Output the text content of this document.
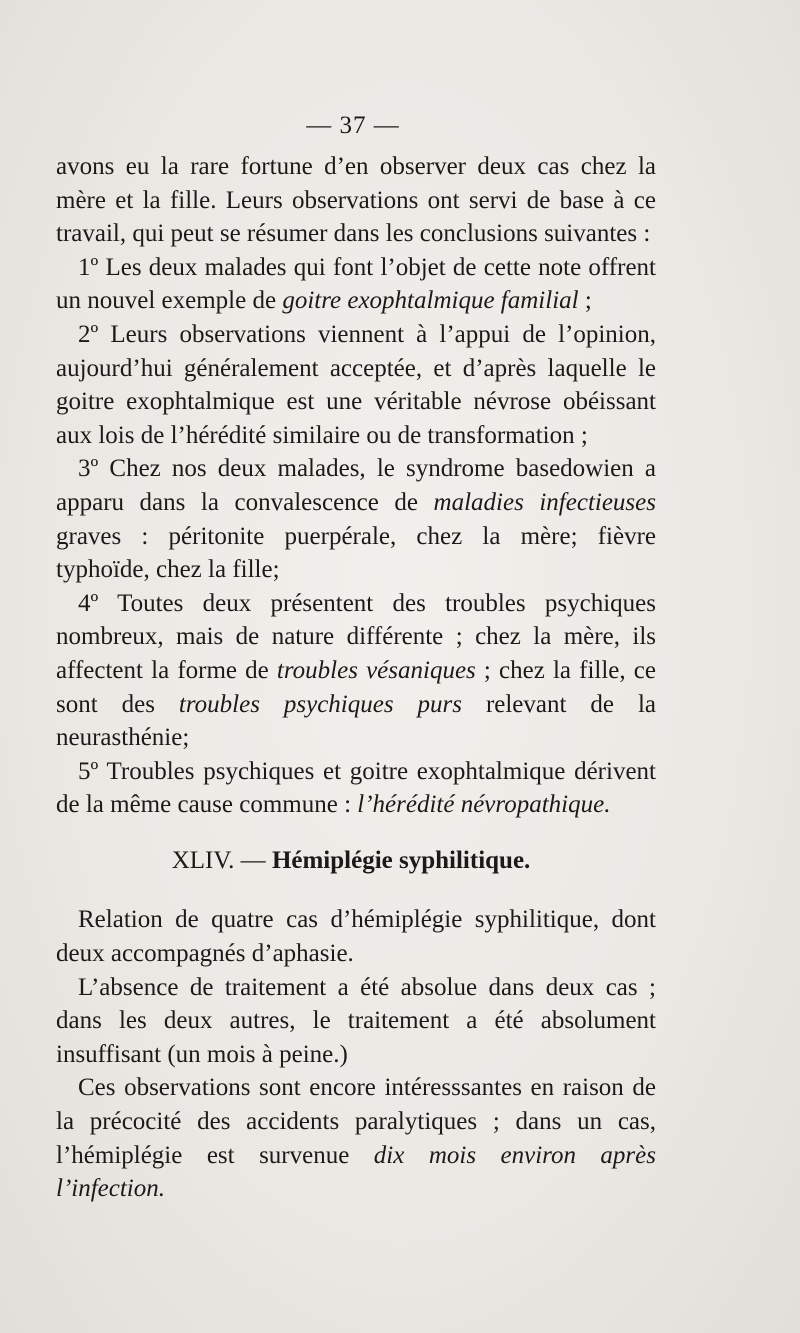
— 37 —

avons eu la rare fortune d’en observer deux cas chez la mère et la fille. Leurs observations ont servi de base à ce travail, qui peut se résumer dans les conclusions suivantes :

1º Les deux malades qui font l’objet de cette note offrent un nouvel exemple de goitre exophtalmique familial ;

2º Leurs observations viennent à l’appui de l’opinion, aujourd’hui généralement acceptée, et d’après laquelle le goitre exophtalmique est une véritable névrose obéissant aux lois de l’hérédité similaire ou de transformation ;

3º Chez nos deux malades, le syndrome basedowien a apparu dans la convalescence de maladies infectieuses graves : péritonite puerpérale, chez la mère; fièvre typhoïde, chez la fille;

4º Toutes deux présentent des troubles psychiques nombreux, mais de nature différente ; chez la mère, ils affectent la forme de troubles vésaniques ; chez la fille, ce sont des troubles psychiques purs relevant de la neurasthénie;

5º Troubles psychiques et goitre exophtalmique dérivent de la même cause commune : l’hérédité névropathique.

XLIV. — Hémiplégie syphilitique.

Relation de quatre cas d’hémiplégie syphilitique, dont deux accompagnés d’aphasie.

L’absence de traitement a été absolue dans deux cas ; dans les deux autres, le traitement a été absolument insuffisant (un mois à peine.)

Ces observations sont encore intéresssantes en raison de la précocité des accidents paralytiques ; dans un cas, l’hémiplégie est survenue dix mois environ après l’infection.
